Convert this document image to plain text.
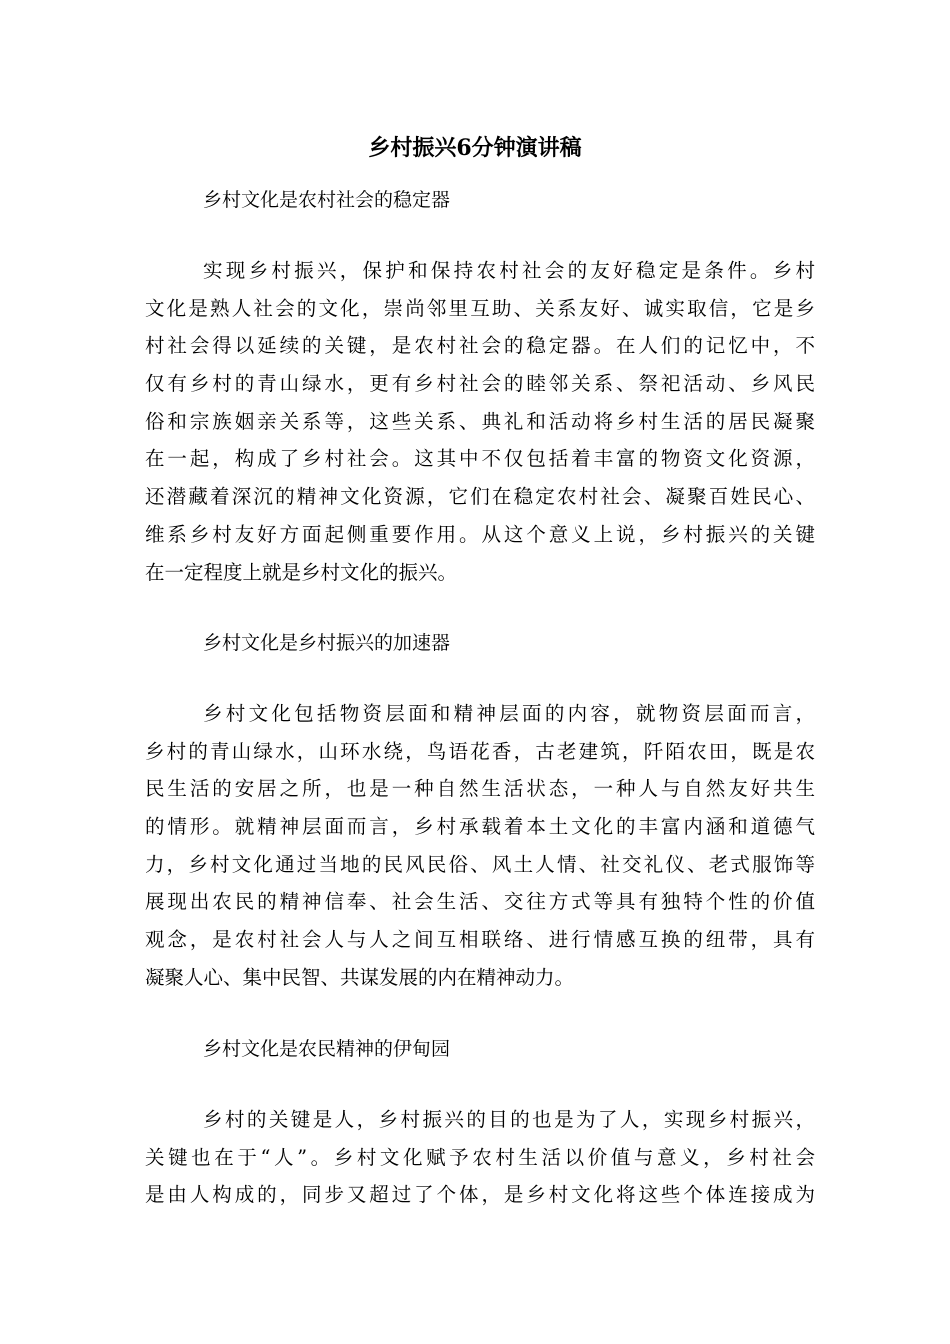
乡村振兴6分钟演讲稿

乡村文化是农村社会的稳定器

实现乡村振兴，保护和保持农村社会的友好稳定是条件。乡村
文化是熟人社会的文化，崇尚邻里互助、关系友好、诚实取信，它是乡
村社会得以延续的关键，是农村社会的稳定器。在人们的记忆中，不
仅有乡村的青山绿水，更有乡村社会的睦邻关系、祭祀活动、乡风民
俗和宗族姻亲关系等，这些关系、典礼和活动将乡村生活的居民凝聚
在一起，构成了乡村社会。这其中不仅包括着丰富的物资文化资源，
还潜藏着深沉的精神文化资源，它们在稳定农村社会、凝聚百姓民心、
维系乡村友好方面起侧重要作用。从这个意义上说，乡村振兴的关键
在一定程度上就是乡村文化的振兴。

乡村文化是乡村振兴的加速器

乡村文化包括物资层面和精神层面的内容，就物资层面而言，
乡村的青山绿水，山环水绕，鸟语花香，古老建筑，阡陌农田，既是农
民生活的安居之所，也是一种自然生活状态，一种人与自然友好共生
的情形。就精神层面而言，乡村承载着本土文化的丰富内涵和道德气
力，乡村文化通过当地的民风民俗、风土人情、社交礼仪、老式服饰等
展现出农民的精神信奉、社会生活、交往方式等具有独特个性的价值
观念，是农村社会人与人之间互相联络、进行情感互换的纽带，具有
凝聚人心、集中民智、共谋发展的内在精神动力。

乡村文化是农民精神的伊甸园

乡村的关键是人，乡村振兴的目的也是为了人，实现乡村振兴，
关键也在于“人”。乡村文化赋予农村生活以价值与意义，乡村社会
是由人构成的，同步又超过了个体，是乡村文化将这些个体连接成为
